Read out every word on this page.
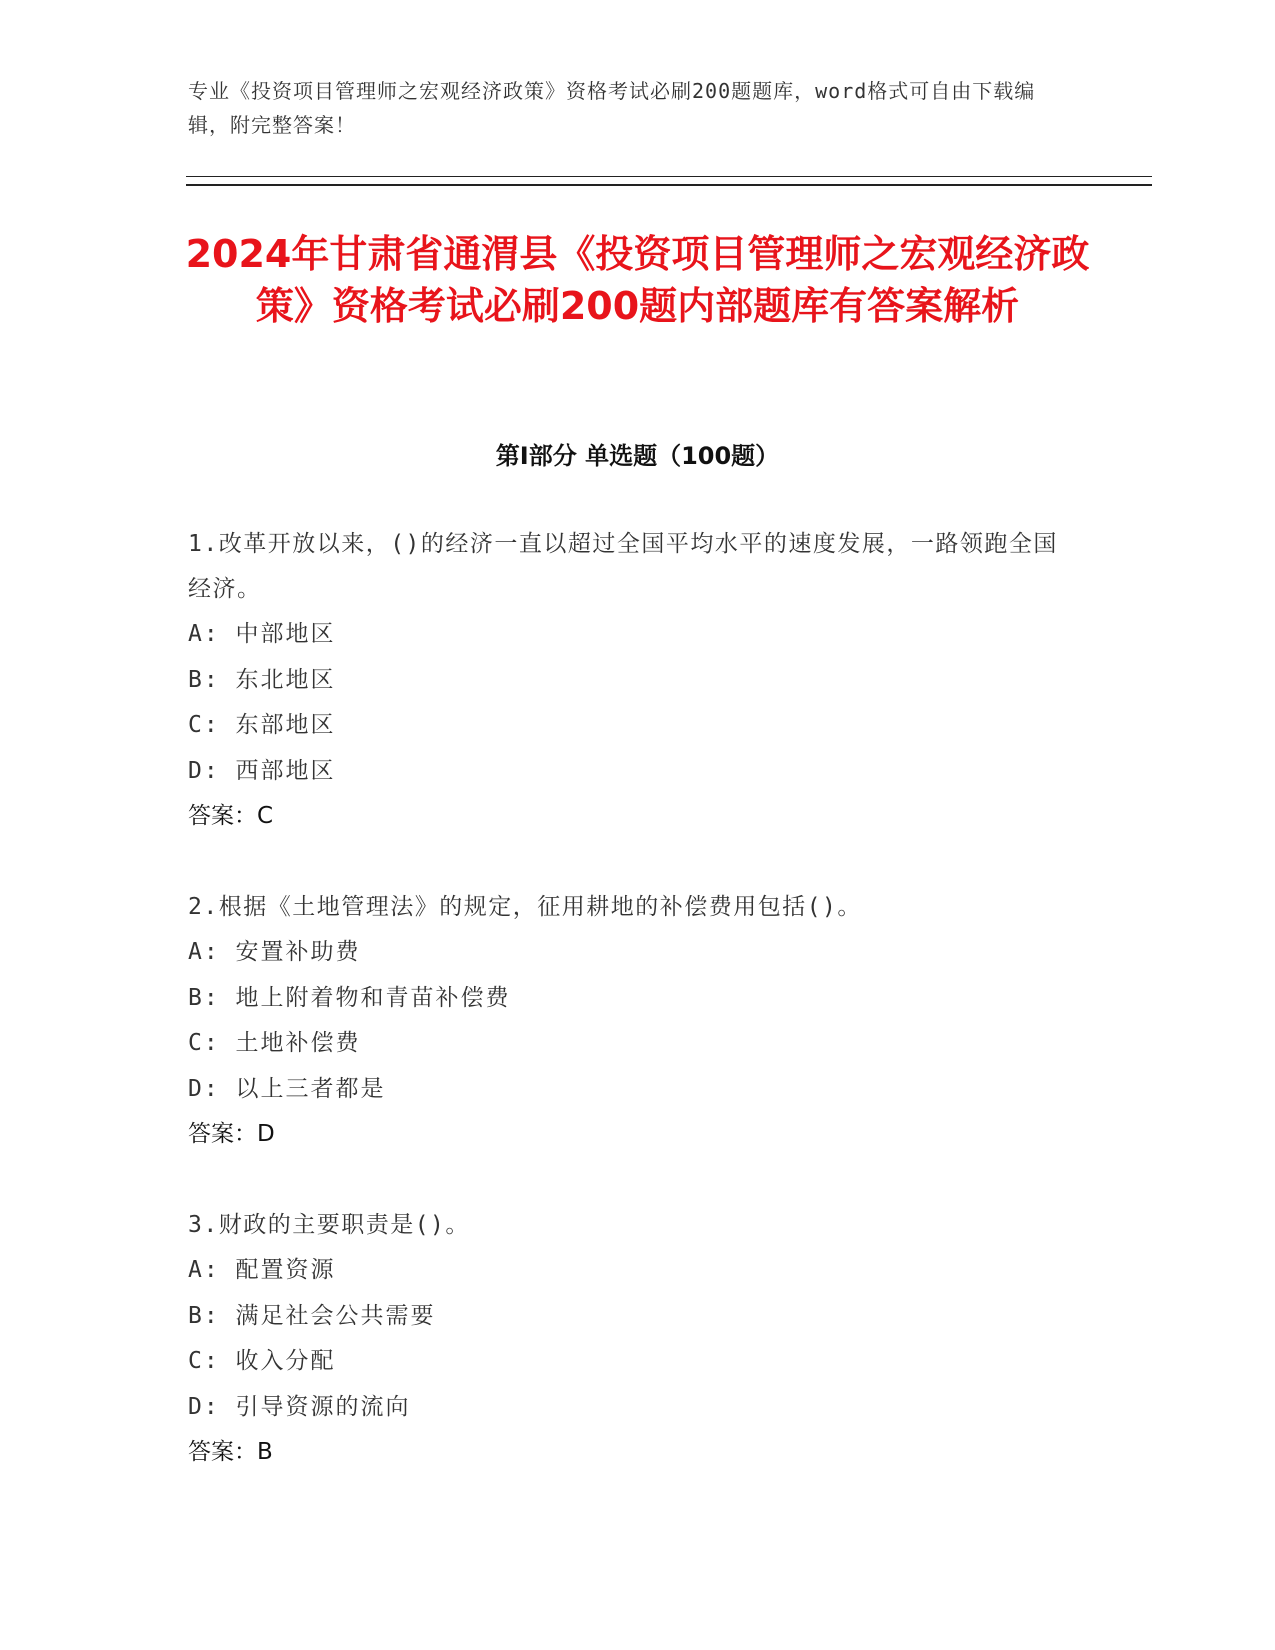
专业《投资项目管理师之宏观经济政策》资格考试必刷200题题库，word格式可自由下载编辑，附完整答案！
2024年甘肃省通渭县《投资项目管理师之宏观经济政策》资格考试必刷200题内部题库有答案解析
第Ⅰ部分 单选题（100题）

1.改革开放以来，()的经济一直以超过全国平均水平的速度发展，一路领跑全国经济。

A: 中部地区

B: 东北地区

C: 东部地区

D: 西部地区

答案：C

2.根据《土地管理法》的规定，征用耕地的补偿费用包括()。

A: 安置补助费

B: 地上附着物和青苗补偿费

C: 土地补偿费

D: 以上三者都是

答案：D

3.财政的主要职责是()。

A: 配置资源

B: 满足社会公共需要

C: 收入分配

D: 引导资源的流向

答案：B
